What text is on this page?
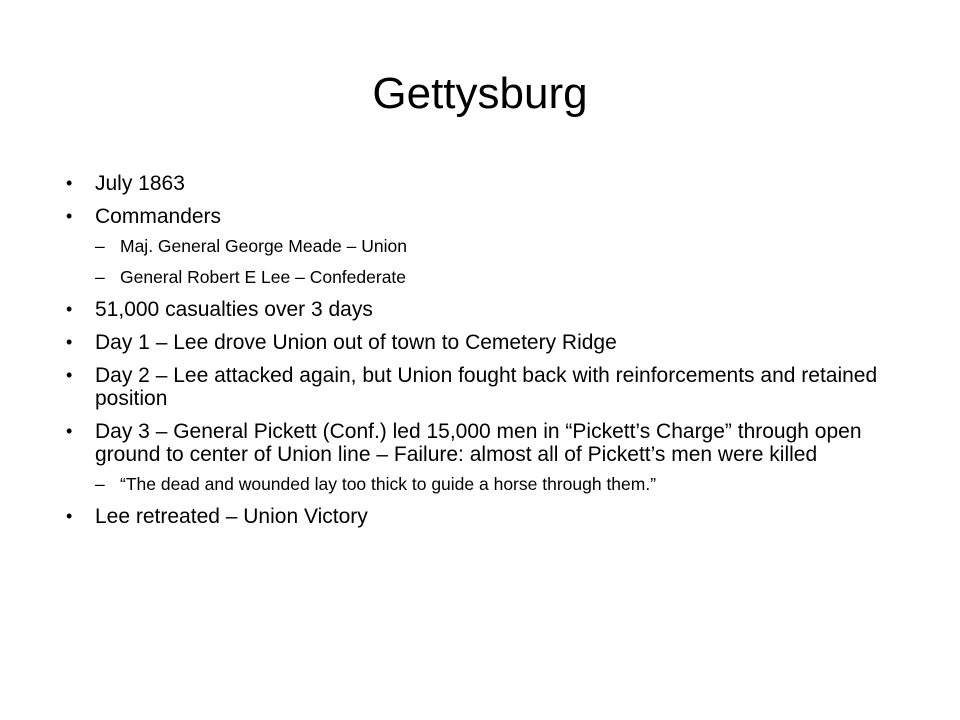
Gettysburg
•	July 1863
•	Commanders
– Maj. General George Meade – Union
– General Robert E Lee – Confederate
•	51,000 casualties over 3 days
•	Day 1 – Lee drove Union out of town to Cemetery Ridge
•	Day 2 – Lee attacked again, but Union fought back with reinforcements and retained position
•	Day 3 – General Pickett (Conf.) led 15,000 men in “Pickett’s Charge” through open ground to center of Union line – Failure: almost all of Pickett’s men were killed
– “The dead and wounded lay too thick to guide a horse through them.”
•	Lee retreated – Union Victory
